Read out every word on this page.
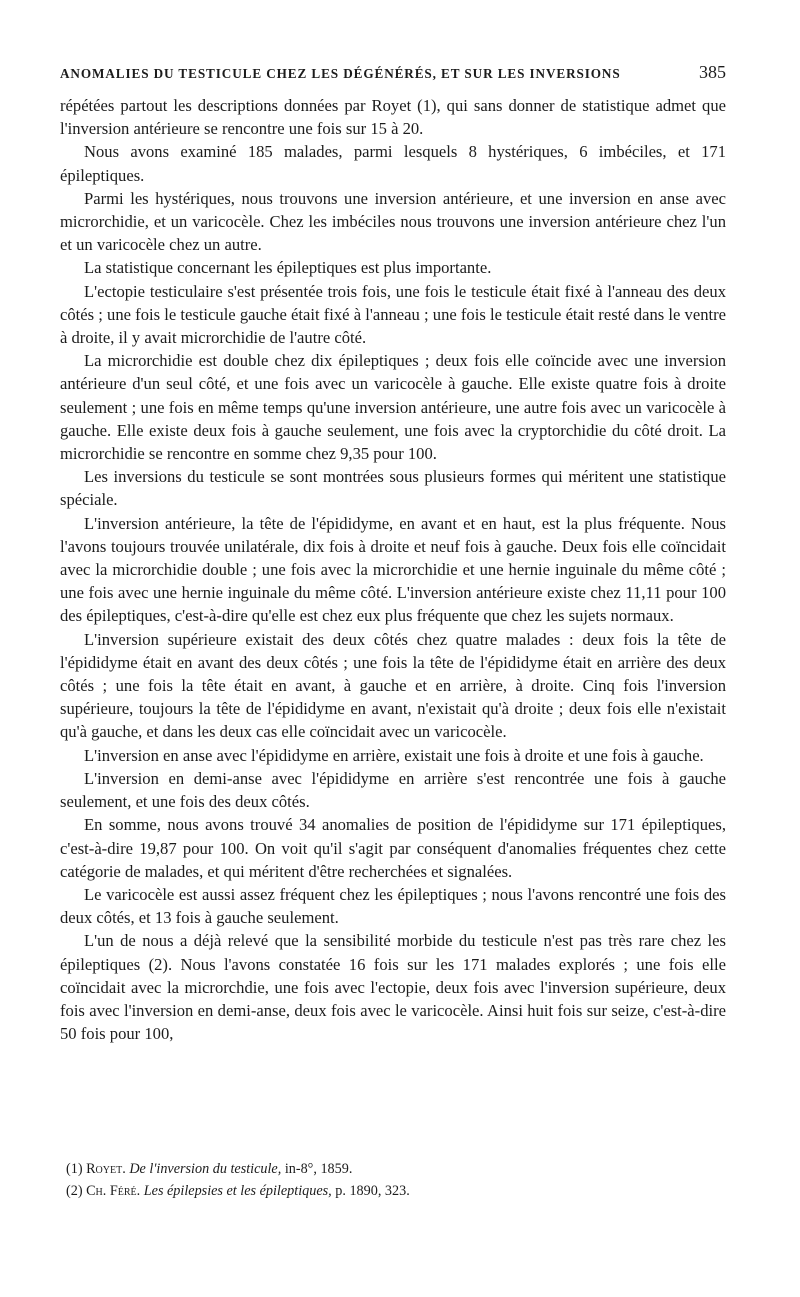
ANOMALIES DU TESTICULE CHEZ LES DÉGÉNÉRÉS, ET SUR LES INVERSIONS	385

répétées partout les descriptions données par Royet (1), qui sans donner de statistique admet que l'inversion antérieure se rencontre une fois sur 15 à 20.

Nous avons examiné 185 malades, parmi lesquels 8 hystériques, 6 imbéciles, et 171 épileptiques.

Parmi les hystériques, nous trouvons une inversion antérieure, et une inversion en anse avec microrchidie, et un varicocèle. Chez les imbéciles nous trouvons une inversion antérieure chez l'un et un varicocèle chez un autre.

La statistique concernant les épileptiques est plus importante.

L'ectopie testiculaire s'est présentée trois fois, une fois le testicule était fixé à l'anneau des deux côtés ; une fois le testicule gauche était fixé à l'anneau ; une fois le testicule était resté dans le ventre à droite, il y avait microrchidie de l'autre côté.

La microrchidie est double chez dix épileptiques ; deux fois elle coïncide avec une inversion antérieure d'un seul côté, et une fois avec un varicocèle à gauche. Elle existe quatre fois à droite seulement ; une fois en même temps qu'une inversion antérieure, une autre fois avec un varicocèle à gauche. Elle existe deux fois à gauche seulement, une fois avec la cryptorchidie du côté droit. La microrchidie se rencontre en somme chez 9,35 pour 100.

Les inversions du testicule se sont montrées sous plusieurs formes qui méritent une statistique spéciale.

L'inversion antérieure, la tête de l'épididyme, en avant et en haut, est la plus fréquente. Nous l'avons toujours trouvée unilatérale, dix fois à droite et neuf fois à gauche. Deux fois elle coïncidait avec la microrchidie double ; une fois avec la microrchidie et une hernie inguinale du même côté ; une fois avec une hernie inguinale du même côté. L'inversion antérieure existe chez 11,11 pour 100 des épileptiques, c'est-à-dire qu'elle est chez eux plus fréquente que chez les sujets normaux.

L'inversion supérieure existait des deux côtés chez quatre malades : deux fois la tête de l'épididyme était en avant des deux côtés ; une fois la tête de l'épididyme était en arrière des deux côtés ; une fois la tête était en avant, à gauche et en arrière, à droite. Cinq fois l'inversion supérieure, toujours la tête de l'épididyme en avant, n'existait qu'à droite ; deux fois elle n'existait qu'à gauche, et dans les deux cas elle coïncidait avec un varicocèle.

L'inversion en anse avec l'épididyme en arrière, existait une fois à droite et une fois à gauche.

L'inversion en demi-anse avec l'épididyme en arrière s'est rencontrée une fois à gauche seulement, et une fois des deux côtés.

En somme, nous avons trouvé 34 anomalies de position de l'épididyme sur 171 épileptiques, c'est-à-dire 19,87 pour 100. On voit qu'il s'agit par conséquent d'anomalies fréquentes chez cette catégorie de malades, et qui méritent d'être recherchées et signalées.

Le varicocèle est aussi assez fréquent chez les épileptiques ; nous l'avons rencontré une fois des deux côtés, et 13 fois à gauche seulement.

L'un de nous a déjà relevé que la sensibilité morbide du testicule n'est pas très rare chez les épileptiques (2). Nous l'avons constatée 16 fois sur les 171 malades explorés ; une fois elle coïncidait avec la microrchdie, une fois avec l'ectopie, deux fois avec l'inversion supérieure, deux fois avec l'inversion en demi-anse, deux fois avec le varicocèle. Ainsi huit fois sur seize, c'est-à-dire 50 fois pour 100,

(1) Royet. De l'inversion du testicule, in-8°, 1859.
(2) Ch. Féré. Les épilepsies et les épileptiques, p. 1890, 323.
